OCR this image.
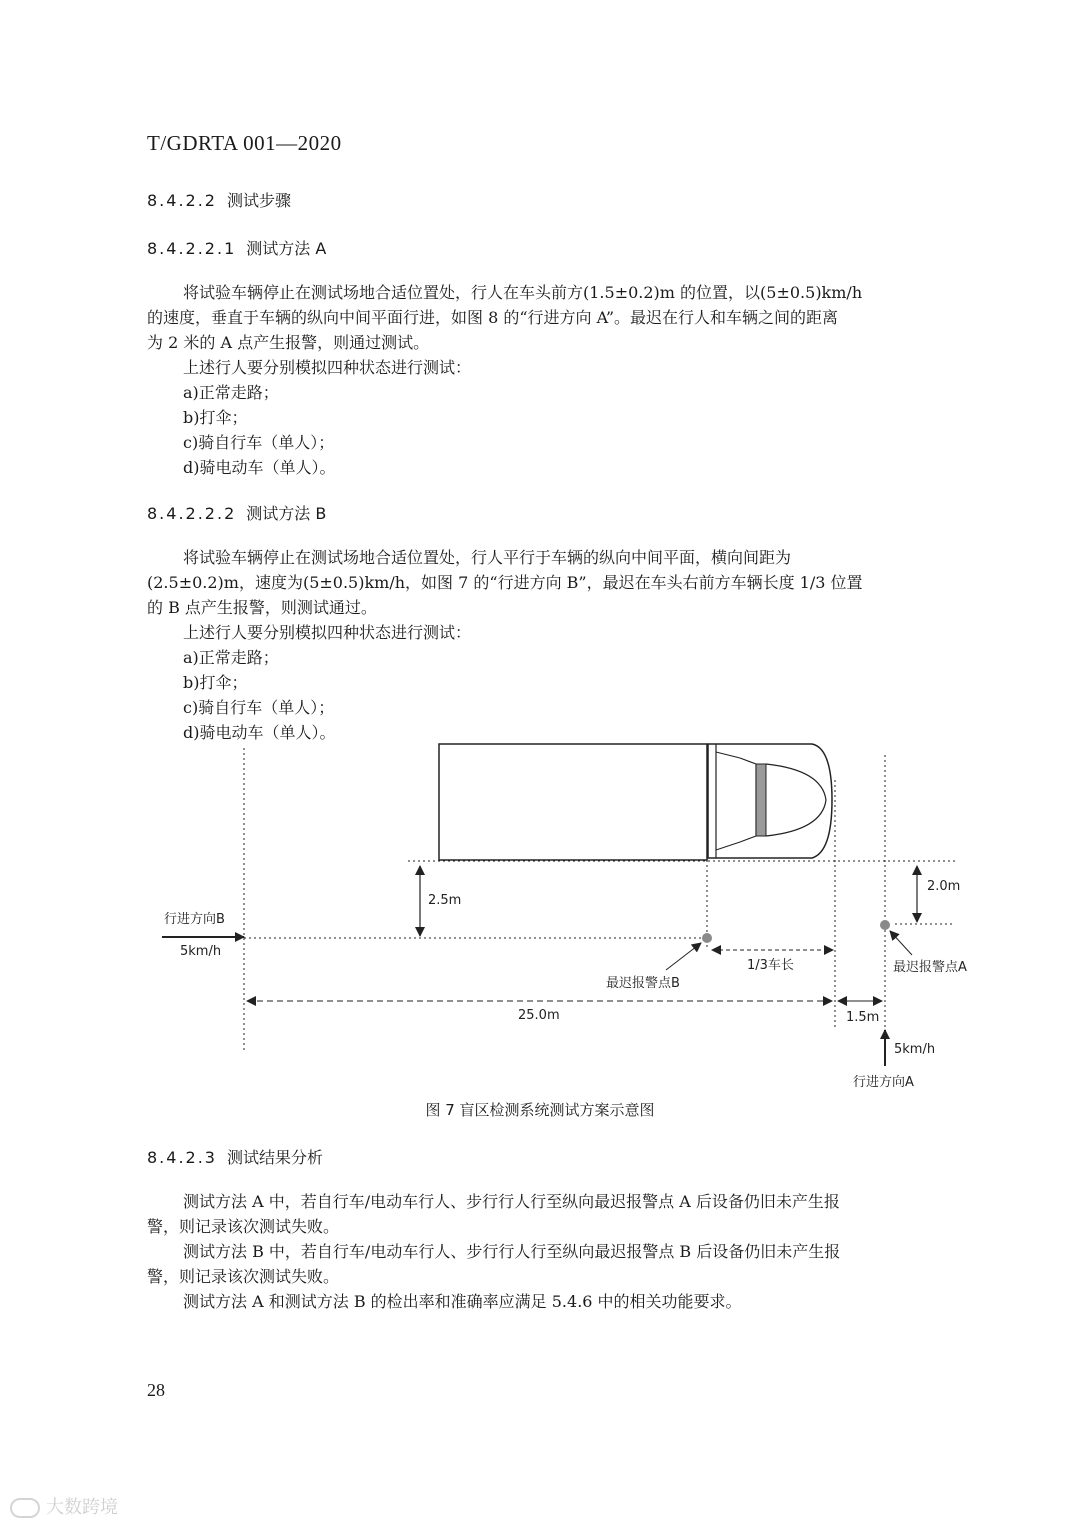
T/GDRTA 001—2020
8.4.2.2 测试步骤
8.4.2.2.1 测试方法 A
将试验车辆停止在测试场地合适位置处，行人在车头前方(1.5±0.2)m 的位置，以(5±0.5)km/h
的速度，垂直于车辆的纵向中间平面行进，如图 8 的“行进方向 A”。最迟在行人和车辆之间的距离
为 2 米的 A 点产生报警，则通过测试。
上述行人要分别模拟四种状态进行测试：
a)正常走路；
b)打伞；
c)骑自行车（单人）；
d)骑电动车（单人）。
8.4.2.2.2 测试方法 B
将试验车辆停止在测试场地合适位置处，行人平行于车辆的纵向中间平面，横向间距为
(2.5±0.2)m，速度为(5±0.5)km/h，如图 7 的“行进方向 B”，最迟在车头右前方车辆长度 1/3 位置
的 B 点产生报警，则测试通过。
上述行人要分别模拟四种状态进行测试：
a)正常走路；
b)打伞；
c)骑自行车（单人）；
d)骑电动车（单人）。
行进方向B
5km/h
2.5m
2.0m
最迟报警点B
1/3车长	最迟报警点A
25.0m	1.5m
5km/h
行进方向A
图 7 盲区检测系统测试方案示意图
8.4.2.3 测试结果分析
测试方法 A 中，若自行车/电动车行人、步行行人行至纵向最迟报警点 A 后设备仍旧未产生报
警，则记录该次测试失败。
测试方法 B 中，若自行车/电动车行人、步行行人行至纵向最迟报警点 B 后设备仍旧未产生报
警，则记录该次测试失败。
测试方法 A 和测试方法 B 的检出率和准确率应满足 5.4.6 中的相关功能要求。
28
大数跨境
